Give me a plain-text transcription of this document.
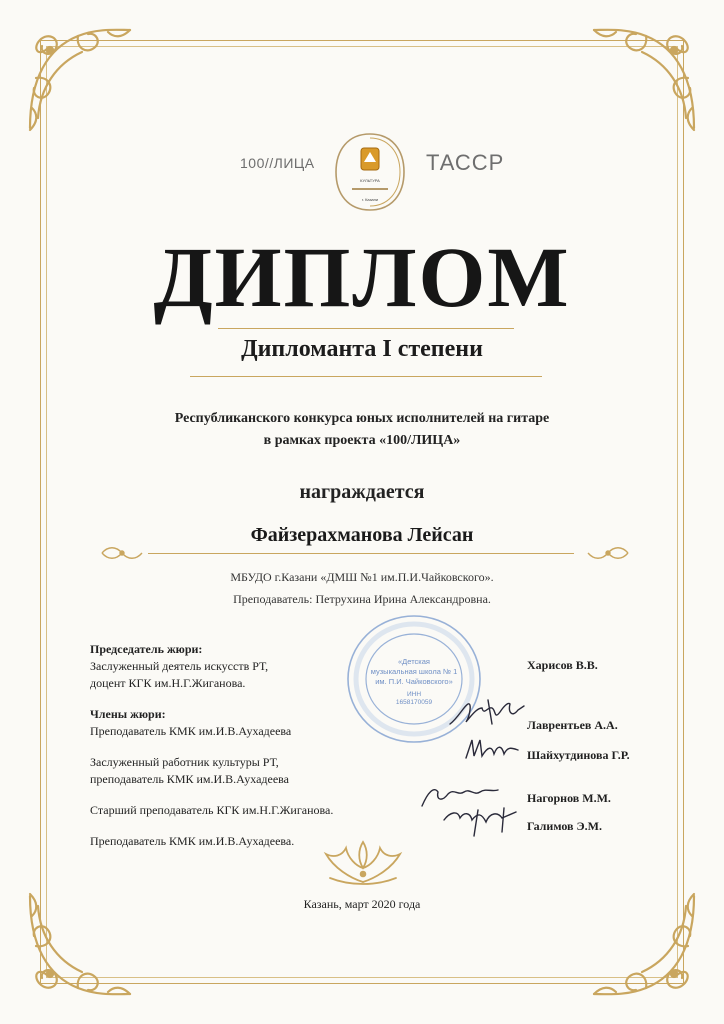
100//ЛИЦА
КУЛЬТУРА
г. Казани
ТАССР
ДИПЛОМ
Дипломанта I степени
Республиканского конкурса юных исполнителей на гитаре
в рамках проекта «100/ЛИЦА»
награждается
Файзерахманова Лейсан
МБУДО г.Казани «ДМШ №1 им.П.И.Чайковского».
Преподаватель: Петрухина Ирина Александровна.
«Детская
музыкальная школа № 1
им. П.И. Чайковского»
ИНН
1658170059
Председатель жюри:
Заслуженный деятель искусств РТ,
доцент КГК им.Н.Г.Жиганова.
Члены жюри:
Преподаватель КМК им.И.В.Аухадеева
Заслуженный работник культуры РТ,
преподаватель КМК им.И.В.Аухадеева
Старший преподаватель КГК им.Н.Г.Жиганова.
Преподаватель КМК им.И.В.Аухадеева.
Харисов В.В.
Лаврентьев А.А.
Шайхутдинова Г.Р.
Нагорнов М.М.
Галимов Э.М.
Казань, март 2020 года
